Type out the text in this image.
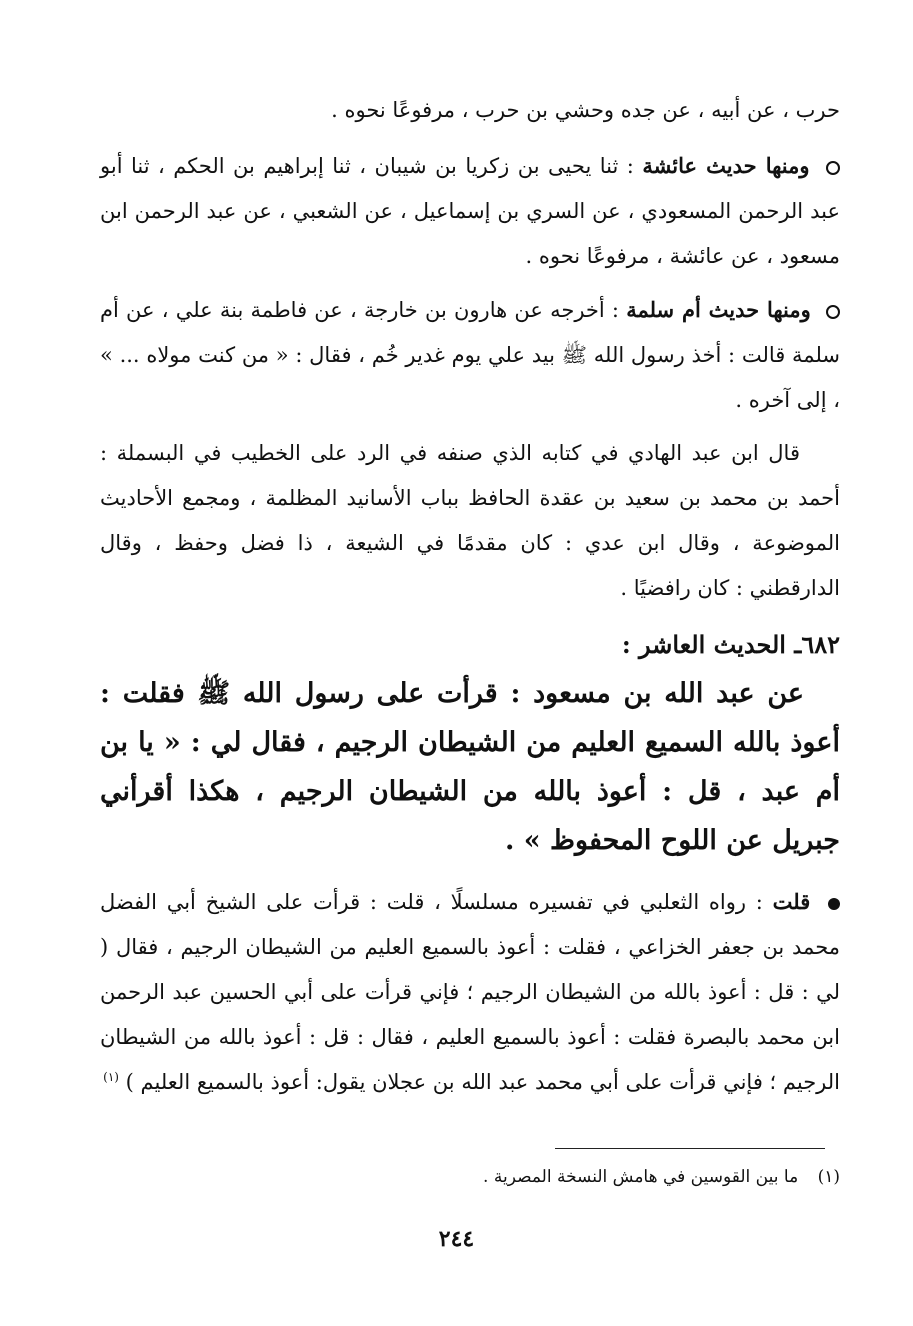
حرب ، عن أبيه ، عن جده وحشي بن حرب ، مرفوعًا نحوه .

ومنها حديث عائشة : ثنا يحيى بن زكريا بن شيبان ، ثنا إبراهيم بن الحكم ، ثنا أبو عبد الرحمن المسعودي ، عن السري بن إسماعيل ، عن الشعبي ، عن عبد الرحمن ابن مسعود ، عن عائشة ، مرفوعًا نحوه .

ومنها حديث أم سلمة : أخرجه عن هارون بن خارجة ، عن فاطمة بنة علي ، عن أم سلمة قالت : أخذ رسول الله ﷺ بيد علي يوم غدير خُم ، فقال : « من كنت مولاه ... » ، إلى آخره .

قال ابن عبد الهادي في كتابه الذي صنفه في الرد على الخطيب في البسملة : أحمد بن محمد بن سعيد بن عقدة الحافظ بباب الأسانيد المظلمة ، ومجمع الأحاديث الموضوعة ، وقال ابن عدي : كان مقدمًا في الشيعة ، ذا فضل وحفظ ، وقال الدارقطني : كان رافضيًا .

٦٨٢ـ الحديث العاشر :
عن عبد الله بن مسعود : قرأت على رسول الله ﷺ فقلت : أعوذ بالله السميع العليم من الشيطان الرجيم ، فقال لي : « يا بن أم عبد ، قل : أعوذ بالله من الشيطان الرجيم ، هكذا أقرأني جبريل عن اللوح المحفوظ » .

قلت : رواه الثعلبي في تفسيره مسلسلًا ، قلت : قرأت على الشيخ أبي الفضل محمد بن جعفر الخزاعي ، فقلت : أعوذ بالسميع العليم من الشيطان الرجيم ، فقال ( لي : قل : أعوذ بالله من الشيطان الرجيم ؛ فإني قرأت على أبي الحسين عبد الرحمن ابن محمد بالبصرة فقلت : أعوذ بالسميع العليم ، فقال : قل : أعوذ بالله من الشيطان الرجيم ؛ فإني قرأت على أبي محمد عبد الله بن عجلان يقول: أعوذ بالسميع العليم ) $^{(١)}$

(١) ما بين القوسين في هامش النسخة المصرية .
٢٤٤
